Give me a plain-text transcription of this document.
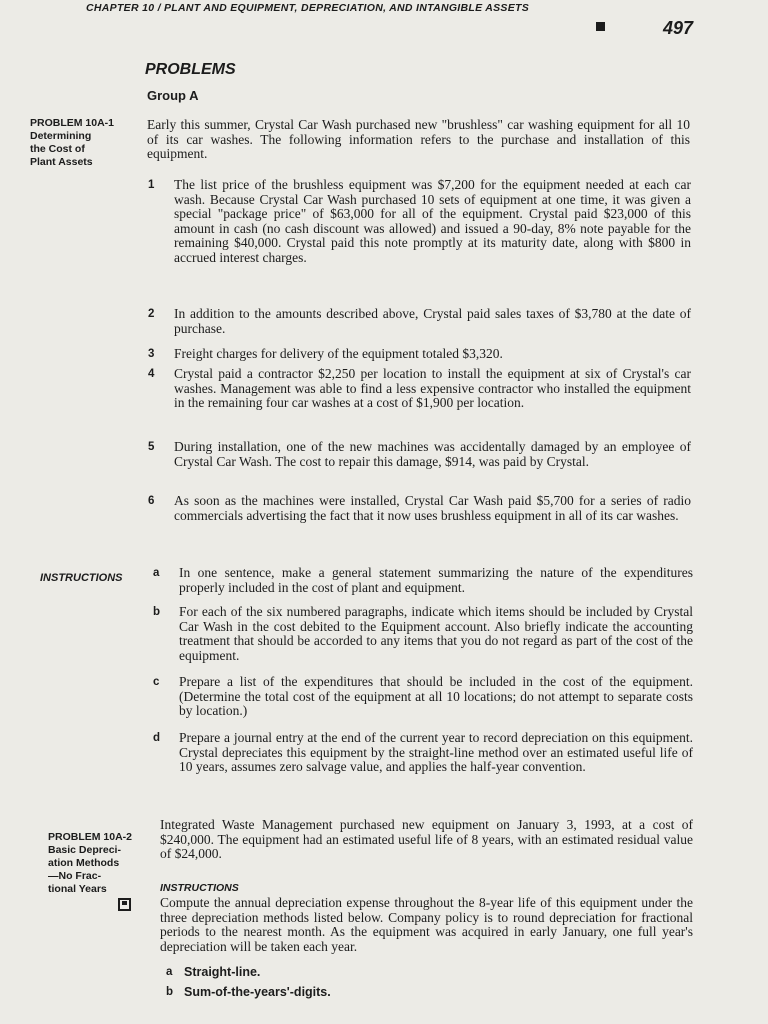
CHAPTER 10 / PLANT AND EQUIPMENT, DEPRECIATION, AND INTANGIBLE ASSETS
497
PROBLEMS
Group A
PROBLEM 10A-1
Determining
the Cost of
Plant Assets
Early this summer, Crystal Car Wash purchased new "brushless" car washing equipment for all 10 of its car washes. The following information refers to the purchase and installation of this equipment.
1 The list price of the brushless equipment was $7,200 for the equipment needed at each car wash. Because Crystal Car Wash purchased 10 sets of equipment at one time, it was given a special "package price" of $63,000 for all of the equipment. Crystal paid $23,000 of this amount in cash (no cash discount was allowed) and issued a 90-day, 8% note payable for the remaining $40,000. Crystal paid this note promptly at its maturity date, along with $800 in accrued interest charges.
2 In addition to the amounts described above, Crystal paid sales taxes of $3,780 at the date of purchase.
3 Freight charges for delivery of the equipment totaled $3,320.
4 Crystal paid a contractor $2,250 per location to install the equipment at six of Crystal's car washes. Management was able to find a less expensive contractor who installed the equipment in the remaining four car washes at a cost of $1,900 per location.
5 During installation, one of the new machines was accidentally damaged by an employee of Crystal Car Wash. The cost to repair this damage, $914, was paid by Crystal.
6 As soon as the machines were installed, Crystal Car Wash paid $5,700 for a series of radio commercials advertising the fact that it now uses brushless equipment in all of its car washes.
INSTRUCTIONS	a In one sentence, make a general statement summarizing the nature of the expenditures properly included in the cost of plant and equipment.
b For each of the six numbered paragraphs, indicate which items should be included by Crystal Car Wash in the cost debited to the Equipment account. Also briefly indicate the accounting treatment that should be accorded to any items that you do not regard as part of the cost of the equipment.
c Prepare a list of the expenditures that should be included in the cost of the equipment. (Determine the total cost of the equipment at all 10 locations; do not attempt to separate costs by location.)
d Prepare a journal entry at the end of the current year to record depreciation on this equipment. Crystal depreciates this equipment by the straight-line method over an estimated useful life of 10 years, assumes zero salvage value, and applies the half-year convention.
PROBLEM 10A-2
Basic Depreci-
ation Methods
—No Frac-
tional Years
Integrated Waste Management purchased new equipment on January 3, 1993, at a cost of $240,000. The equipment had an estimated useful life of 8 years, with an estimated residual value of $24,000.
INSTRUCTIONS
Compute the annual depreciation expense throughout the 8-year life of this equipment under the three depreciation methods listed below. Company policy is to round depreciation for fractional periods to the nearest month. As the equipment was acquired in early January, one full year's depreciation will be taken each year.
a Straight-line.
b Sum-of-the-years'-digits.
